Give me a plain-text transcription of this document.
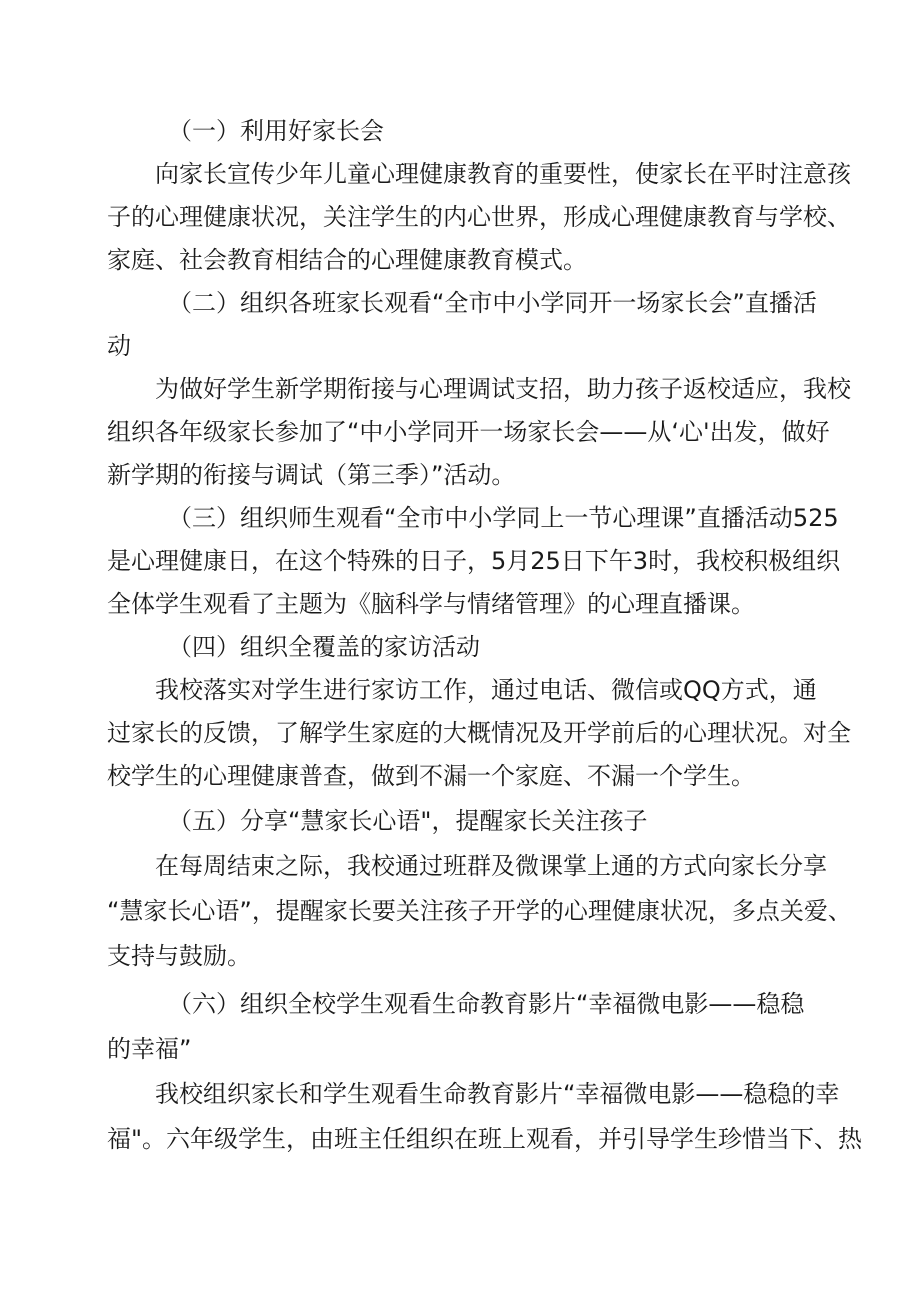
（一）利用好家长会

向家长宣传少年儿童心理健康教育的重要性，使家长在平时注意孩

子的心理健康状况，关注学生的内心世界，形成心理健康教育与学校、

家庭、社会教育相结合的心理健康教育模式。

（二）组织各班家长观看“全市中小学同开一场家长会”直播活

动

为做好学生新学期衔接与心理调试支招，助力孩子返校适应，我校

组织各年级家长参加了“中小学同开一场家长会——从‘心'出发，做好

新学期的衔接与调试（第三季）”活动。

（三）组织师生观看“全市中小学同上一节心理课”直播活动525

是心理健康日，在这个特殊的日子，5月25日下午3时，我校积极组织

全体学生观看了主题为《脑科学与情绪管理》的心理直播课。

（四）组织全覆盖的家访活动

我校落实对学生进行家访工作，通过电话、微信或QQ方式，通

过家长的反馈，了解学生家庭的大概情况及开学前后的心理状况。对全

校学生的心理健康普查，做到不漏一个家庭、不漏一个学生。

（五）分享“慧家长心语"，提醒家长关注孩子

在每周结束之际，我校通过班群及微课掌上通的方式向家长分享

“慧家长心语”，提醒家长要关注孩子开学的心理健康状况，多点关爱、

支持与鼓励。

（六）组织全校学生观看生命教育影片“幸福微电影——稳稳

的幸福”

我校组织家长和学生观看生命教育影片“幸福微电影——稳稳的幸

福"。六年级学生，由班主任组织在班上观看，并引导学生珍惜当下、热
